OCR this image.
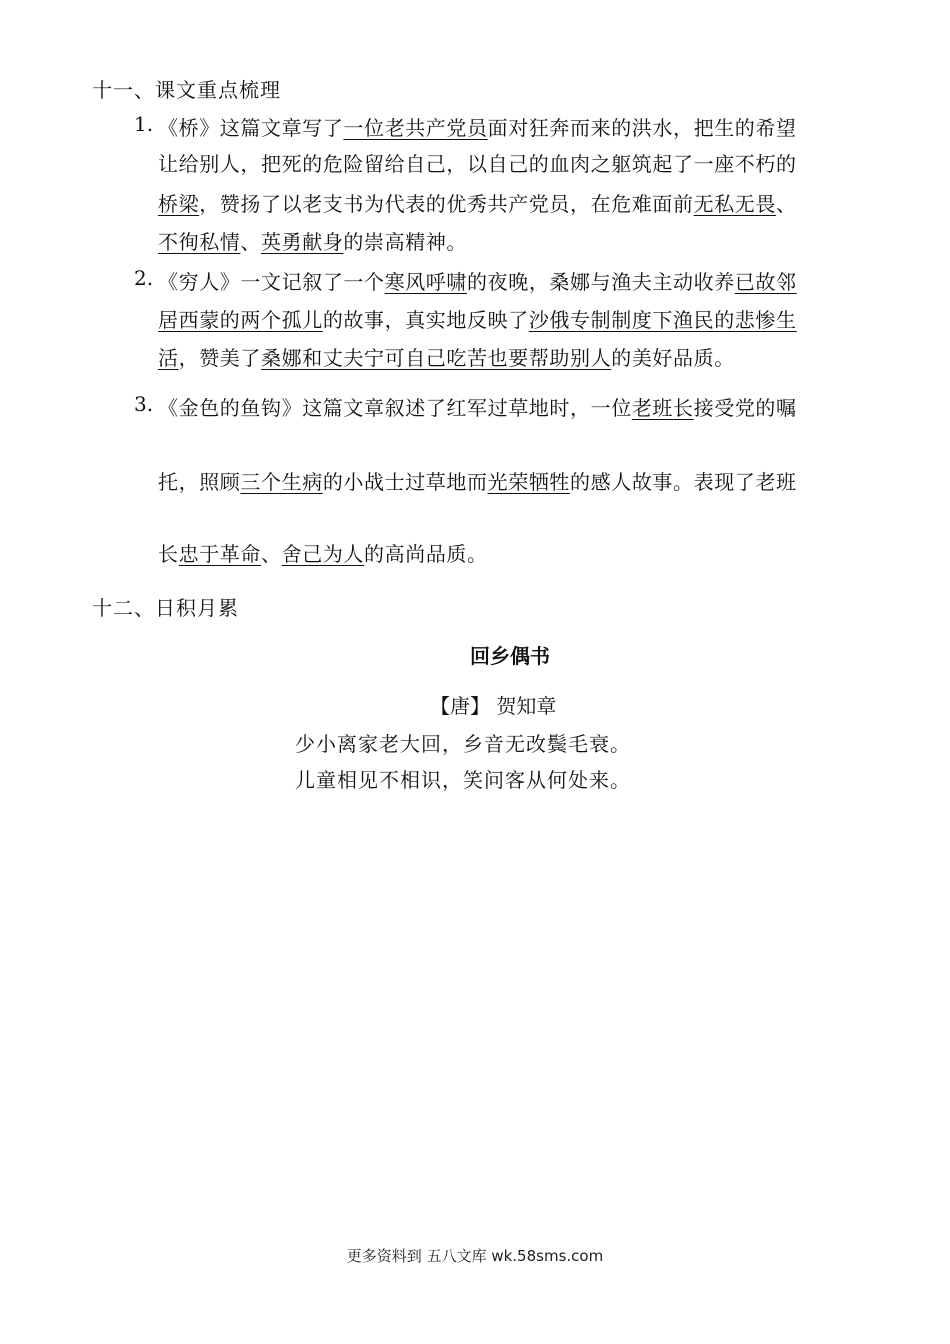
十一、课文重点梳理
1. 《桥》这篇文章写了一位老共产党员面对狂奔而来的洪水，把生的希望
让给别人，把死的危险留给自己，以自己的血肉之躯筑起了一座不朽的
桥梁，赞扬了以老支书为代表的优秀共产党员，在危难面前无私无畏、
不徇私情、英勇献身的崇高精神。
2. 《穷人》一文记叙了一个寒风呼啸的夜晚，桑娜与渔夫主动收养已故邻
居西蒙的两个孤儿的故事，真实地反映了沙俄专制制度下渔民的悲惨生
活，赞美了桑娜和丈夫宁可自己吃苦也要帮助别人的美好品质。
3. 《金色的鱼钩》这篇文章叙述了红军过草地时，一位老班长接受党的嘱
托，照顾三个生病的小战士过草地而光荣牺牲的感人故事。表现了老班
长忠于革命、舍己为人的高尚品质。
十二、日积月累
回乡偶书
【唐】 贺知章
少小离家老大回，乡音无改鬓毛衰。
儿童相见不相识，笑问客从何处来。
更多资料到 五八文库 wk.58sms.com
